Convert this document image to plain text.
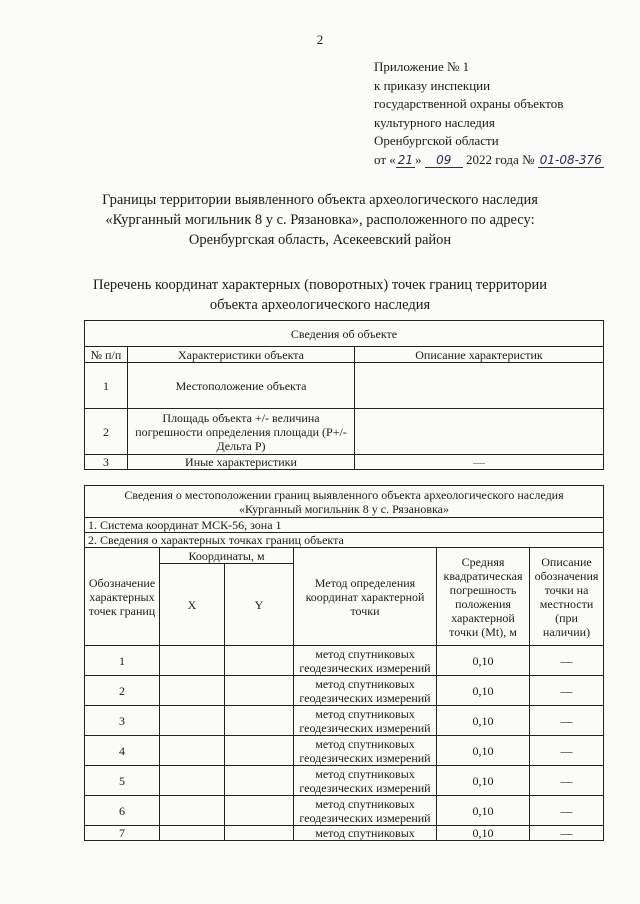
2
Приложение № 1
к приказу инспекции
государственной охраны объектов
культурного наследия
Оренбургской области
от « 21 » 09 2022 года № 01-08-376
Границы территории выявленного объекта археологического наследия
«Курганный могильник 8 у с. Рязановка», расположенного по адресу:
Оренбургская область, Асекеевский район
Перечень координат характерных (поворотных) точек границ территории
объекта археологического наследия
Сведения об объекте		
№ п/п	Характеристики объекта	Описание характеристик
1	Местоположение объекта	
2	Площадь объекта +/- величина погрешности определения площади (P+/- Дельта P)	
3	Иные характеристики	—
Сведения о местоположении границ выявленного объекта археологического наследия
«Курганный могильник 8 у с. Рязановка»					

1. Система координат МСК-56, зона 1					
2. Сведения о характерных точках границ объекта					
Обозначение характерных точек границ	Координаты, м		Метод определения координат характерной точки	Средняя квадратическая погрешность положения характерной точки (Mt), м	Описание обозначения точки на местности (при наличии)
	X	Y			
1			метод спутниковых геодезических измерений	0,10	—
2			метод спутниковых геодезических измерений	0,10	—
3			метод спутниковых геодезических измерений	0,10	—
4			метод спутниковых геодезических измерений	0,10	—
5			метод спутниковых геодезических измерений	0,10	—
6			метод спутниковых геодезических измерений	0,10	—
7			метод спутниковых	0,10	—
